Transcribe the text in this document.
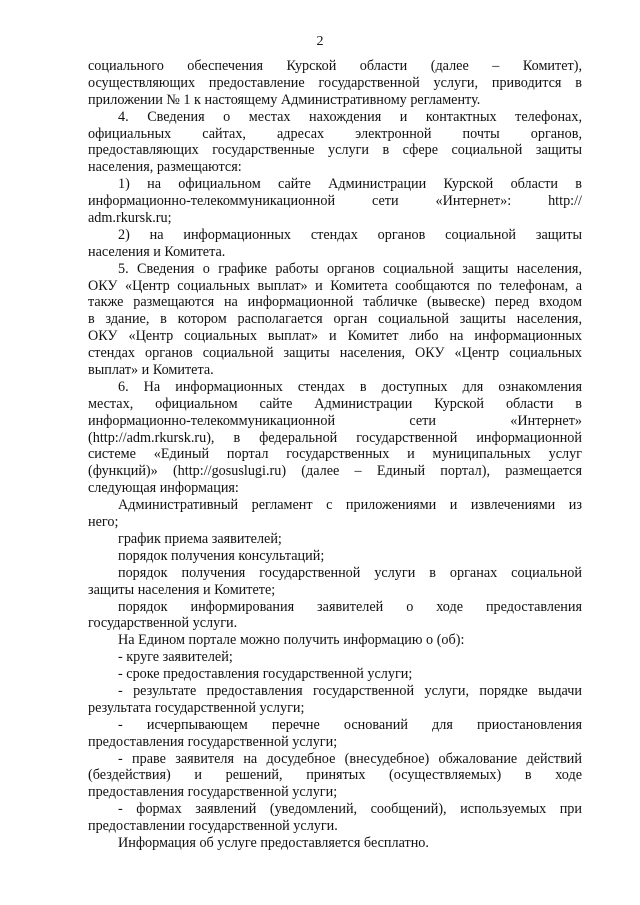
2
социального обеспечения Курской области (далее – Комитет),
осуществляющих предоставление государственной услуги, приводится в
приложении № 1 к настоящему Административному регламенту.
4. Сведения о местах нахождения и контактных телефонах,
официальных сайтах, адресах электронной почты органов,
предоставляющих государственные услуги в сфере социальной защиты
населения, размещаются:
1) на официальном сайте Администрации Курской области в
информационно-телекоммуникационной сети «Интернет»: http://
adm.rkursk.ru;
2) на информационных стендах органов социальной защиты
населения и Комитета.
5. Сведения о графике работы органов социальной защиты населения,
ОКУ «Центр социальных выплат» и Комитета сообщаются по телефонам, а
также размещаются на информационной табличке (вывеске) перед входом
в здание, в котором располагается орган социальной защиты населения,
ОКУ «Центр социальных выплат» и Комитет либо на информационных
стендах органов социальной защиты населения, ОКУ «Центр социальных
выплат» и Комитета.
6. На информационных стендах в доступных для ознакомления
местах, официальном сайте Администрации Курской области в
информационно-телекоммуникационной сети «Интернет»
(http://adm.rkursk.ru), в федеральной государственной информационной
системе «Единый портал государственных и муниципальных услуг
(функций)» (http://gosuslugi.ru) (далее – Единый портал), размещается
следующая информация:
Административный регламент с приложениями и извлечениями из
него;
график приема заявителей;
порядок получения консультаций;
порядок получения государственной услуги в органах социальной
защиты населения и Комитете;
порядок информирования заявителей о ходе предоставления
государственной услуги.
На Едином портале можно получить информацию о (об):
- круге заявителей;
- сроке предоставления государственной услуги;
- результате предоставления государственной услуги, порядке выдачи
результата государственной услуги;
- исчерпывающем перечне оснований для приостановления
предоставления государственной услуги;
- праве заявителя на досудебное (внесудебное) обжалование действий
(бездействия) и решений, принятых (осуществляемых) в ходе
предоставления государственной услуги;
- формах заявлений (уведомлений, сообщений), используемых при
предоставлении государственной услуги.
Информация об услуге предоставляется бесплатно.
